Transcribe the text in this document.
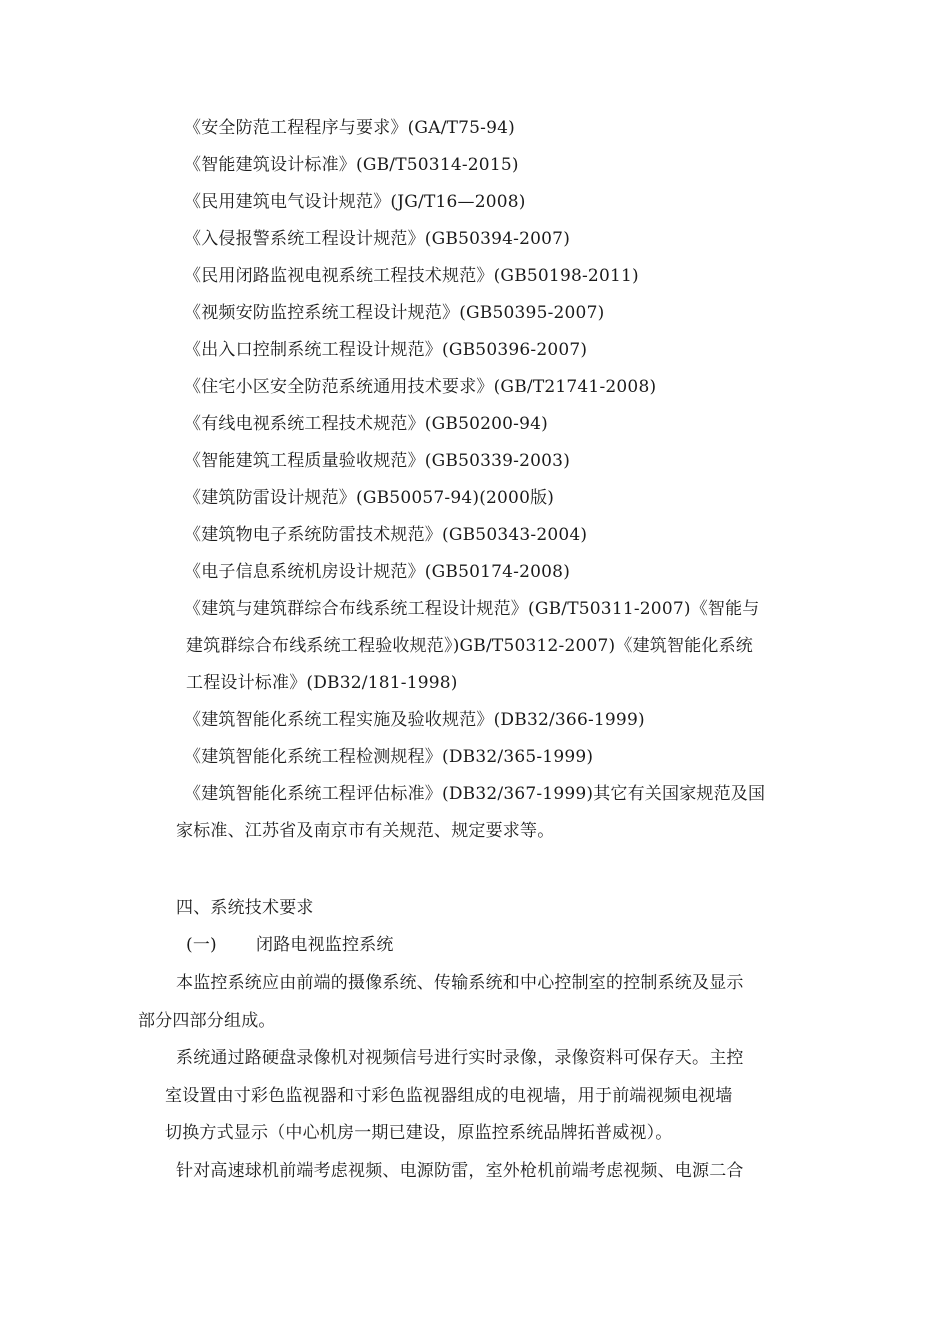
《安全防范工程程序与要求》(GA/T75-94)
《智能建筑设计标准》(GB/T50314-2015)
《民用建筑电气设计规范》(JG/T16—2008)
《入侵报警系统工程设计规范》(GB50394-2007)
《民用闭路监视电视系统工程技术规范》(GB50198-2011)
《视频安防监控系统工程设计规范》(GB50395-2007)
《出入口控制系统工程设计规范》(GB50396-2007)
《住宅小区安全防范系统通用技术要求》(GB/T21741-2008)
《有线电视系统工程技术规范》(GB50200-94)
《智能建筑工程质量验收规范》(GB50339-2003)
《建筑防雷设计规范》(GB50057-94)(2000版)
《建筑物电子系统防雷技术规范》(GB50343-2004)
《电子信息系统机房设计规范》(GB50174-2008)
《建筑与建筑群综合布线系统工程设计规范》(GB/T50311-2007)《智能与
建筑群综合布线系统工程验收规范》)GB/T50312-2007)《建筑智能化系统
工程设计标准》(DB32/181-1998)
《建筑智能化系统工程实施及验收规范》(DB32/366-1999)
《建筑智能化系统工程检测规程》(DB32/365-1999)
《建筑智能化系统工程评估标准》(DB32/367-1999)其它有关国家规范及国
家标准、江苏省及南京市有关规范、规定要求等。
四、系统技术要求
(一) 闭路电视监控系统
本监控系统应由前端的摄像系统、传输系统和中心控制室的控制系统及显示
部分四部分组成。
系统通过路硬盘录像机对视频信号进行实时录像，录像资料可保存天。主控
室设置由寸彩色监视器和寸彩色监视器组成的电视墙，用于前端视频电视墙
切换方式显示（中心机房一期已建设，原监控系统品牌拓普威视）。
针对高速球机前端考虑视频、电源防雷，室外枪机前端考虑视频、电源二合
